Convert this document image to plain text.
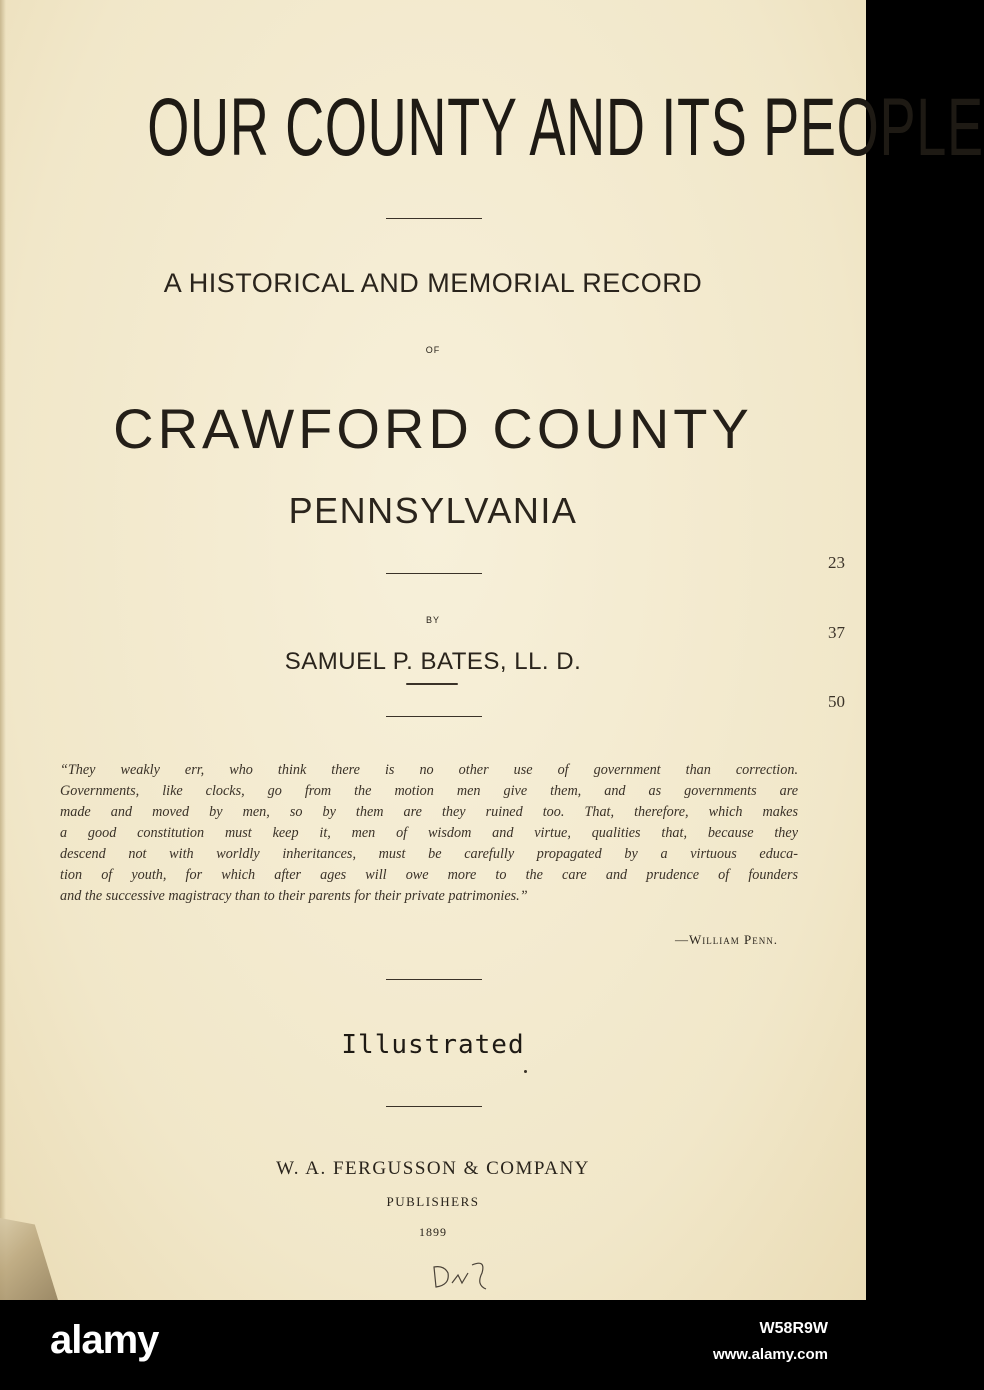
OUR COUNTY AND ITS PEOPLE
A HISTORICAL AND MEMORIAL RECORD
OF
CRAWFORD COUNTY
PENNSYLVANIA
BY
SAMUEL P. BATES, LL. D.
“They weakly err, who think there is no other use of government than correction.
Governments, like clocks, go from the motion men give them, and as governments are
made and moved by men, so by them are they ruined too. That, therefore, which makes
a good constitution must keep it, men of wisdom and virtue, qualities that, because they
descend not with worldly inheritances, must be carefully propagated by a virtuous educa-
tion of youth, for which after ages will owe more to the care and prudence of founders
and the successive magistracy than to their parents for their private patrimonies.”
—William Penn.
Illustrated
W. A. FERGUSSON & COMPANY
PUBLISHERS
1899
23
37
50
alamy	W58R9W
www.alamy.com
